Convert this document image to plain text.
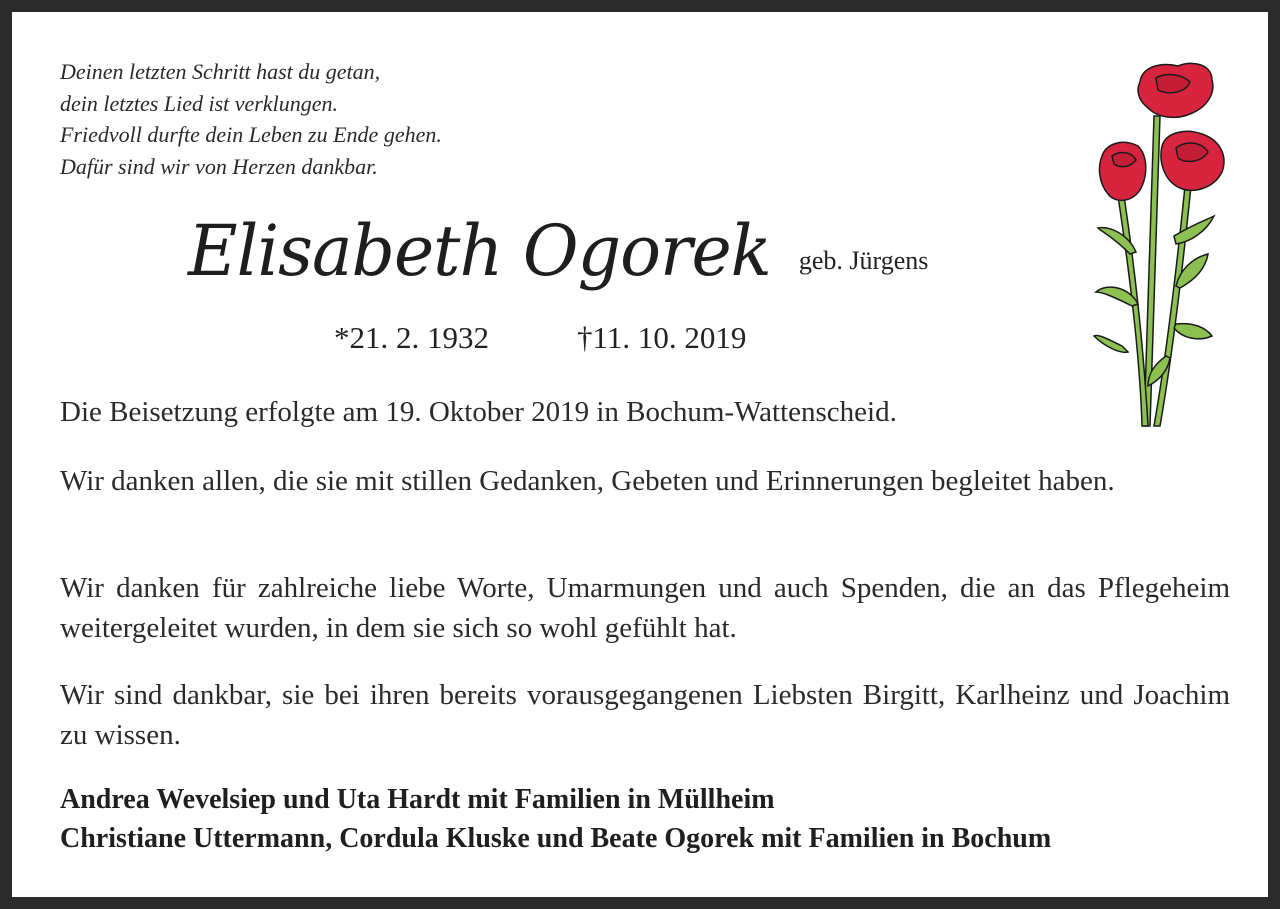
Deinen letzten Schritt hast du getan,
dein letztes Lied ist verklungen.
Friedvoll durfte dein Leben zu Ende gehen.
Dafür sind wir von Herzen dankbar.
Elisabeth Ogorek geb. Jürgens
*21. 2. 1932	†11. 10. 2019
Die Beisetzung erfolgte am 19. Oktober 2019 in Bochum-Wattenscheid.
Wir danken allen, die sie mit stillen Gedanken, Gebeten und Erinnerungen begleitet haben.
Wir danken für zahlreiche liebe Worte, Umarmungen und auch Spenden, die an das Pflegeheim weitergeleitet wurden, in dem sie sich so wohl gefühlt hat.
Wir sind dankbar, sie bei ihren bereits vorausgegangenen Liebsten Birgitt, Karlheinz und Joachim zu wissen.
Andrea Wevelsiep und Uta Hardt mit Familien in Müllheim
Christiane Uttermann, Cordula Kluske und Beate Ogorek mit Familien in Bochum
